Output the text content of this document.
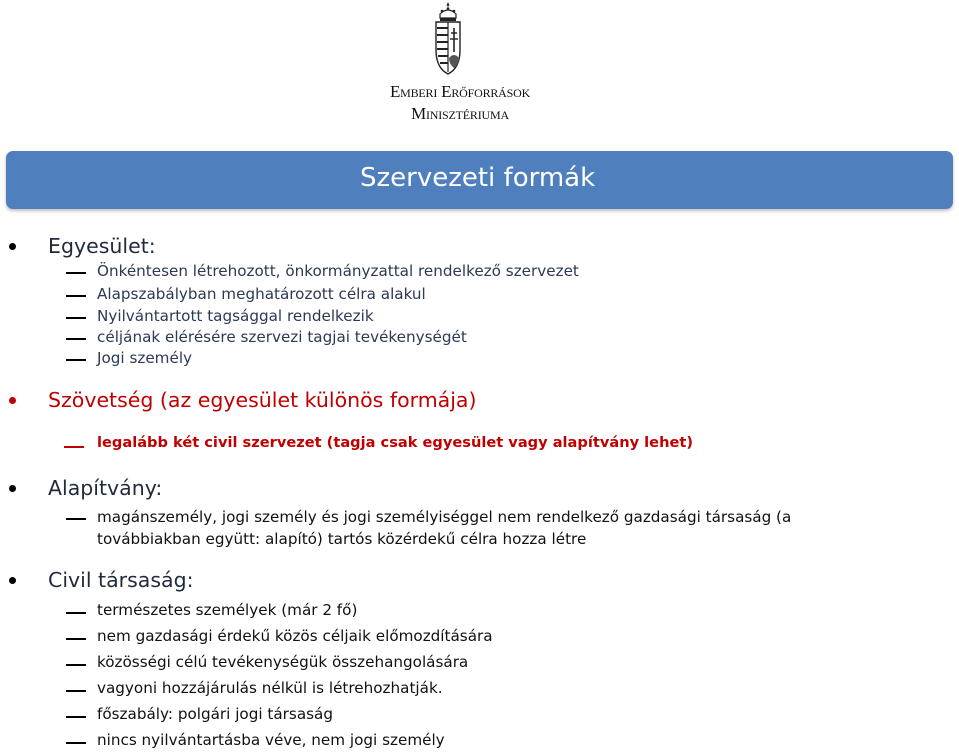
Emberi Erőforrások
Minisztériuma
Szervezeti formák
Egyesület:
Önkéntesen létrehozott, önkormányzattal rendelkező szervezet
Alapszabályban meghatározott célra alakul
Nyilvántartott tagsággal rendelkezik
céljának elérésére szervezi tagjai tevékenységét
Jogi személy
Szövetség (az egyesület különös formája)
legalább két civil szervezet (tagja csak egyesület vagy alapítvány lehet)
Alapítvány:
magánszemély, jogi személy és jogi személyiséggel nem rendelkező gazdasági társaság (a
továbbiakban együtt: alapító) tartós közérdekű célra hozza létre
Civil társaság:
természetes személyek (már 2 fő)
nem gazdasági érdekű közös céljaik előmozdítására
közösségi célú tevékenységük összehangolására
vagyoni hozzájárulás nélkül is létrehozhatják.
főszabály: polgári jogi társaság
nincs nyilvántartásba véve, nem jogi személy
